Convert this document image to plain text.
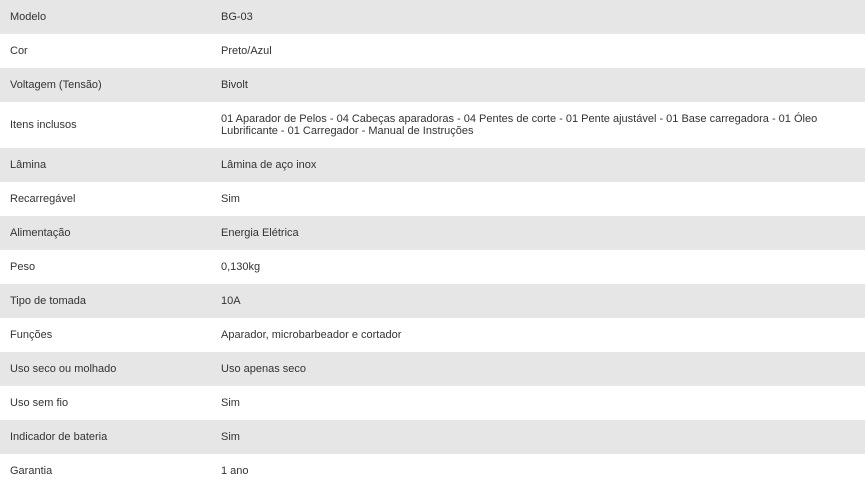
Modelo	BG-03
Cor	Preto/Azul
Voltagem (Tensão)	Bivolt
Itens inclusos	01 Aparador de Pelos - 04 Cabeças aparadoras - 04 Pentes de corte - 01 Pente ajustável - 01 Base carregadora - 01 Óleo Lubrificante - 01 Carregador - Manual de Instruções
Lâmina	Lâmina de aço inox
Recarregável	Sim
Alimentação	Energia Elétrica
Peso	0,130kg
Tipo de tomada	10A
Funções	Aparador, microbarbeador e cortador
Uso seco ou molhado	Uso apenas seco
Uso sem fio	Sim
Indicador de bateria	Sim
Garantia	1 ano
